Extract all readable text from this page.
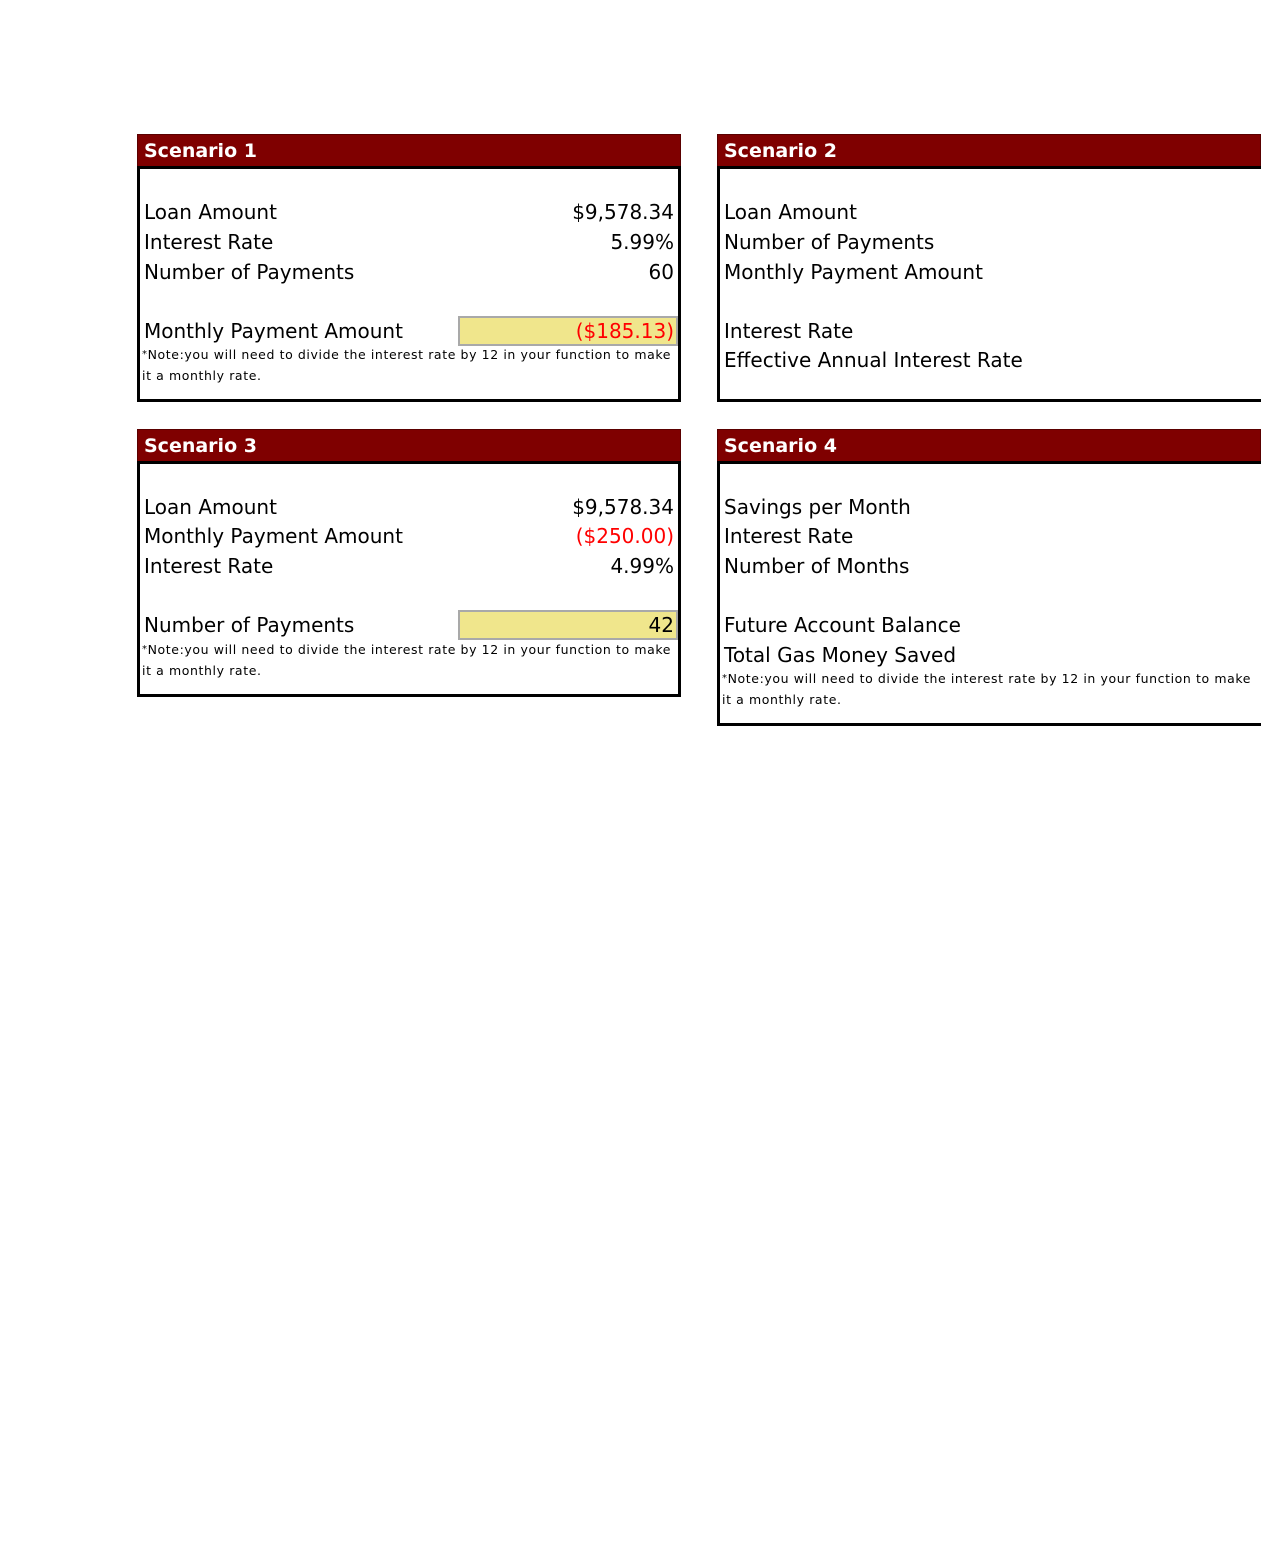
Scenario 1
Loan Amount	$9,578.34
Interest Rate	5.99%
Number of Payments	60
Monthly Payment Amount	($185.13)
*Note:you will need to divide the interest rate by 12 in your function to make it a monthly rate.
Scenario 2
Loan Amount
Number of Payments
Monthly Payment Amount
Interest Rate
Effective Annual Interest Rate
Scenario 3
Loan Amount	$9,578.34
Monthly Payment Amount	($250.00)
Interest Rate	4.99%
Number of Payments	42
*Note:you will need to divide the interest rate by 12 in your function to make it a monthly rate.
Scenario 4
Savings per Month
Interest Rate
Number of Months
Future Account Balance
Total Gas Money Saved
*Note:you will need to divide the interest rate by 12 in your function to make it a monthly rate.
